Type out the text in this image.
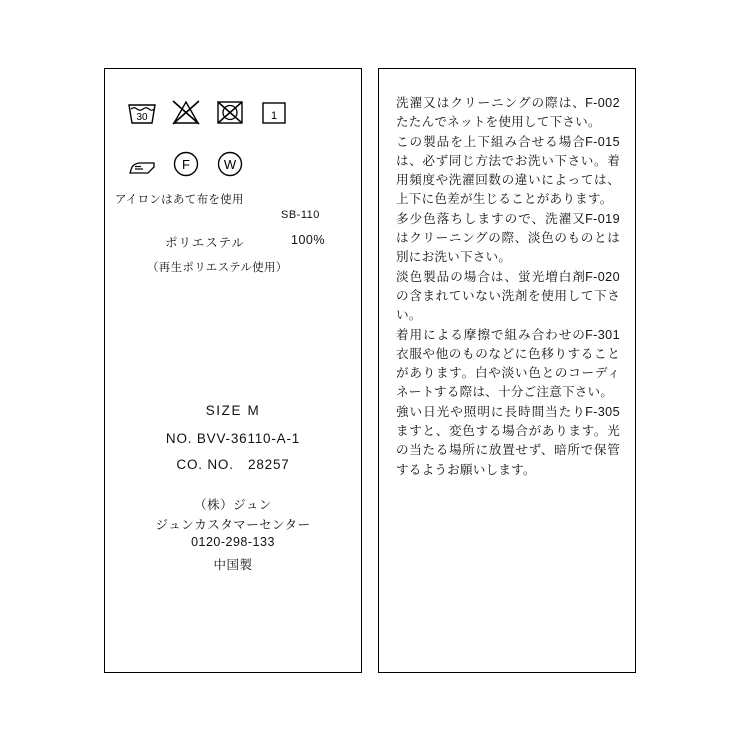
30	1
F	W
アイロンはあて布を使用
SB-110
ポリエステル	100%
（再生ポリエステル使用）
SIZE M
NO. BVV-36110-A-1
CO. NO.　28257
（株）ジュン
ジュンカスタマーセンター
0120-298-133
中国製

F-002
洗濯又はクリーニングの際は、たたんでネットを使用して下さい。

F-015
この製品を上下組み合せる場合は、必ず同じ方法でお洗い下さい。着用頻度や洗濯回数の違いによっては、上下に色差が生じることがあります。

F-019
多少色落ちしますので、洗濯又はクリーニングの際、淡色のものとは別にお洗い下さい。

F-020
淡色製品の場合は、蛍光増白剤の含まれていない洗剤を使用して下さい。

F-301
着用による摩擦で組み合わせの衣服や他のものなどに色移りすることがあります。白や淡い色とのコーディネートする際は、十分ご注意下さい。

F-305
強い日光や照明に長時間当たりますと、変色する場合があります。光の当たる場所に放置せず、暗所で保管するようお願いします。
